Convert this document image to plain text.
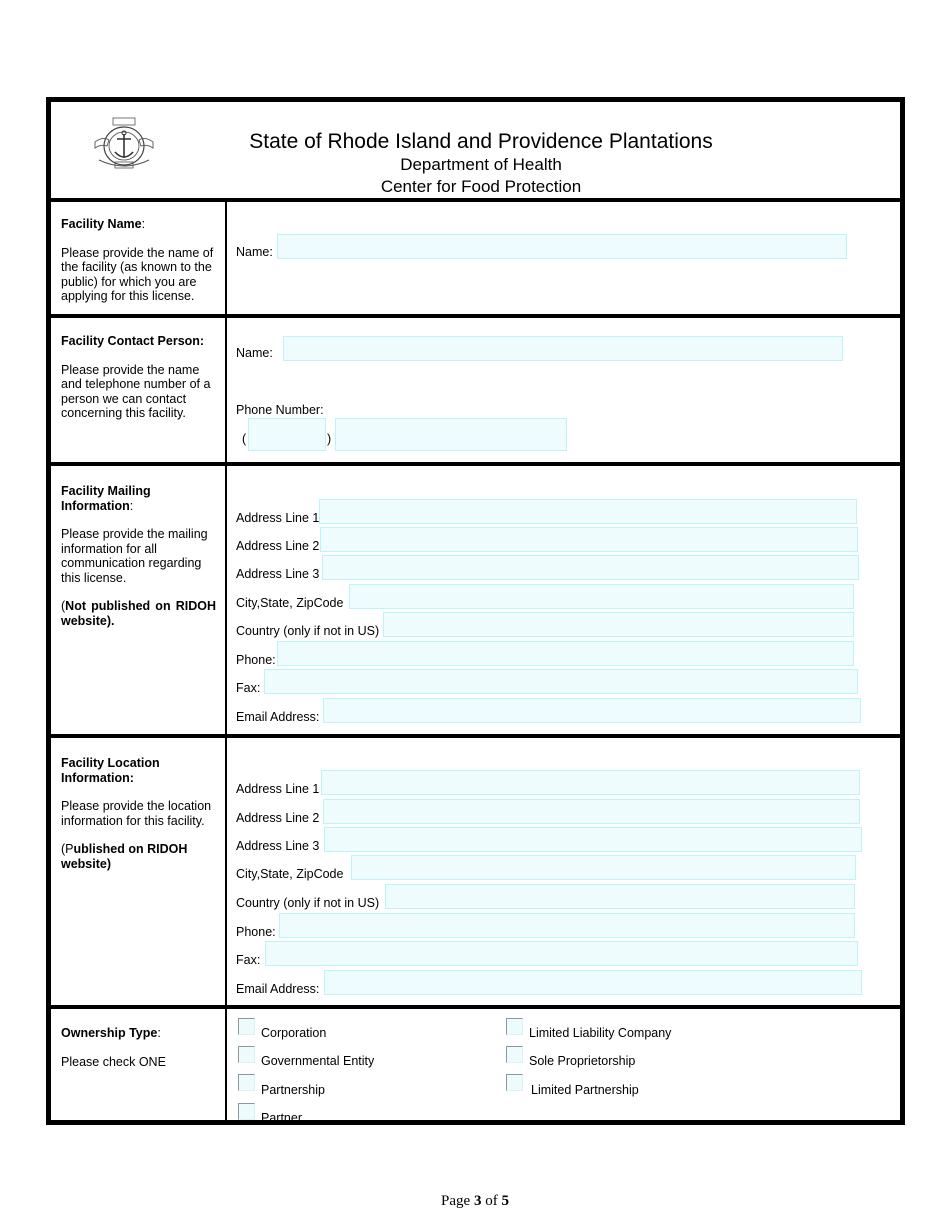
State of Rhode Island and Providence Plantations
Department of Health
Center for Food Protection

Facility Name:

Please provide the name of the facility (as known to the public) for which you are applying for this license.

Name:

Facility Contact Person:

Please provide the name and telephone number of a person we can contact concerning this facility.

Name:
Phone Number:
(	)

Facility Mailing Information:

Please provide the mailing information for all communication regarding this license.

(Not published on RIDOH website).

Address Line 1
Address Line 2
Address Line 3
City,State, ZipCode
Country (only if not in US)
Phone:
Fax:
Email Address:

Facility Location Information:

Please provide the location information for this facility.

(Published on RIDOH website)

Address Line 1
Address Line 2
Address Line 3
City,State, ZipCode
Country (only if not in US)
Phone:
Fax:
Email Address:

Ownership Type:

Please check ONE

Corporation
Governmental Entity
Partnership
Partner
Limited Liability Company
Sole Proprietorship
Limited Partnership
Page 3 of 5
